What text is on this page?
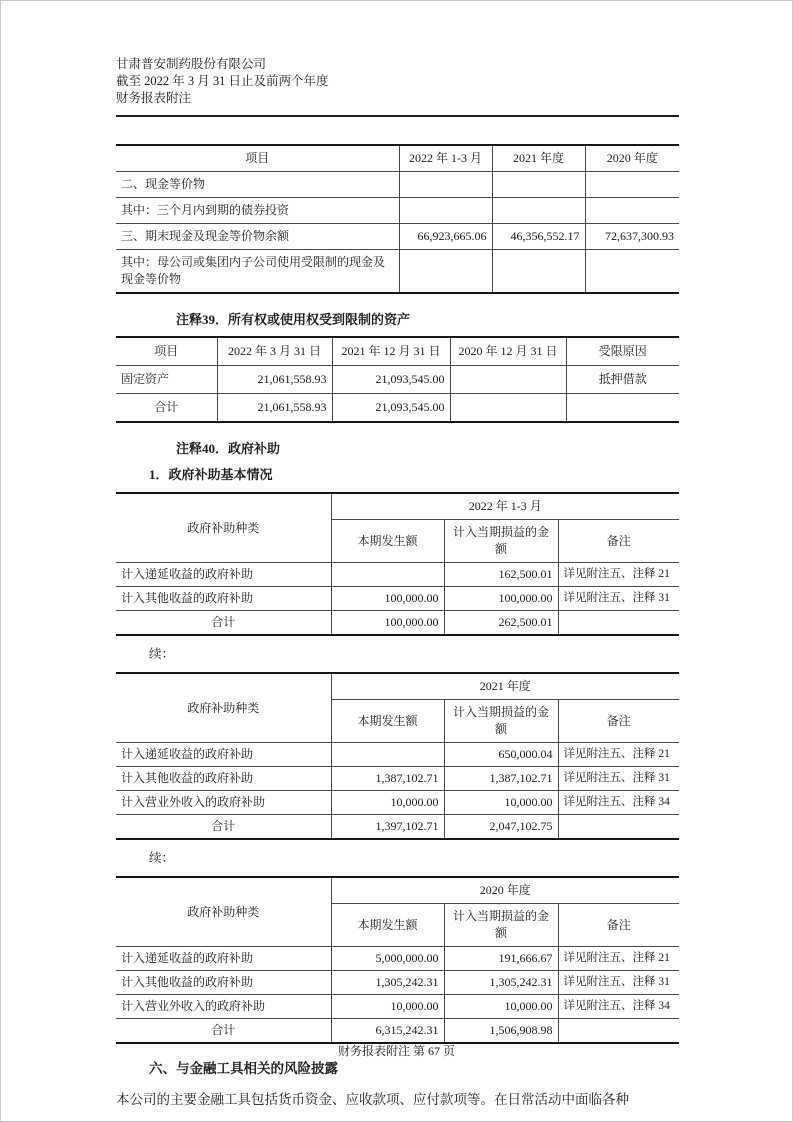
甘肃普安制药股份有限公司
截至 2022 年 3 月 31 日止及前两个年度
财务报表附注
项目	2022 年 1-3 月	2021 年度	2020 年度
二、现金等价物			
其中：三个月内到期的债券投资			
三、期末现金及现金等价物余额	66,923,665.06	46,356,552.17	72,637,300.93
其中：母公司或集团内子公司使用受限制的现金及现金等价物			
注释39．所有权或使用权受到限制的资产
项目	2022 年 3 月 31 日	2021 年 12 月 31 日	2020 年 12 月 31 日	受限原因
固定资产	21,061,558.93	21,093,545.00		抵押借款
合计	21,061,558.93	21,093,545.00		
注释40．政府补助
1．政府补助基本情况
政府补助种类	2022 年 1-3 月		
	本期发生额	计入当期损益的金额	备注
计入递延收益的政府补助		162,500.01	详见附注五、注释 21
计入其他收益的政府补助	100,000.00	100,000.00	详见附注五、注释 31
合计	100,000.00	262,500.01	
续：
政府补助种类	2021 年度		
	本期发生额	计入当期损益的金额	备注
计入递延收益的政府补助		650,000.04	详见附注五、注释 21
计入其他收益的政府补助	1,387,102.71	1,387,102.71	详见附注五、注释 31
计入营业外收入的政府补助	10,000.00	10,000.00	详见附注五、注释 34
合计	1,397,102.71	2,047,102.75	
续：
政府补助种类	2020 年度		
	本期发生额	计入当期损益的金额	备注
计入递延收益的政府补助	5,000,000.00	191,666.67	详见附注五、注释 21
计入其他收益的政府补助	1,305,242.31	1,305,242.31	详见附注五、注释 31
计入营业外收入的政府补助	10,000.00	10,000.00	详见附注五、注释 34
合计	6,315,242.31	1,506,908.98	
六、与金融工具相关的风险披露
本公司的主要金融工具包括货币资金、应收款项、应付款项等。在日常活动中面临各种
财务报表附注 第 67 页
